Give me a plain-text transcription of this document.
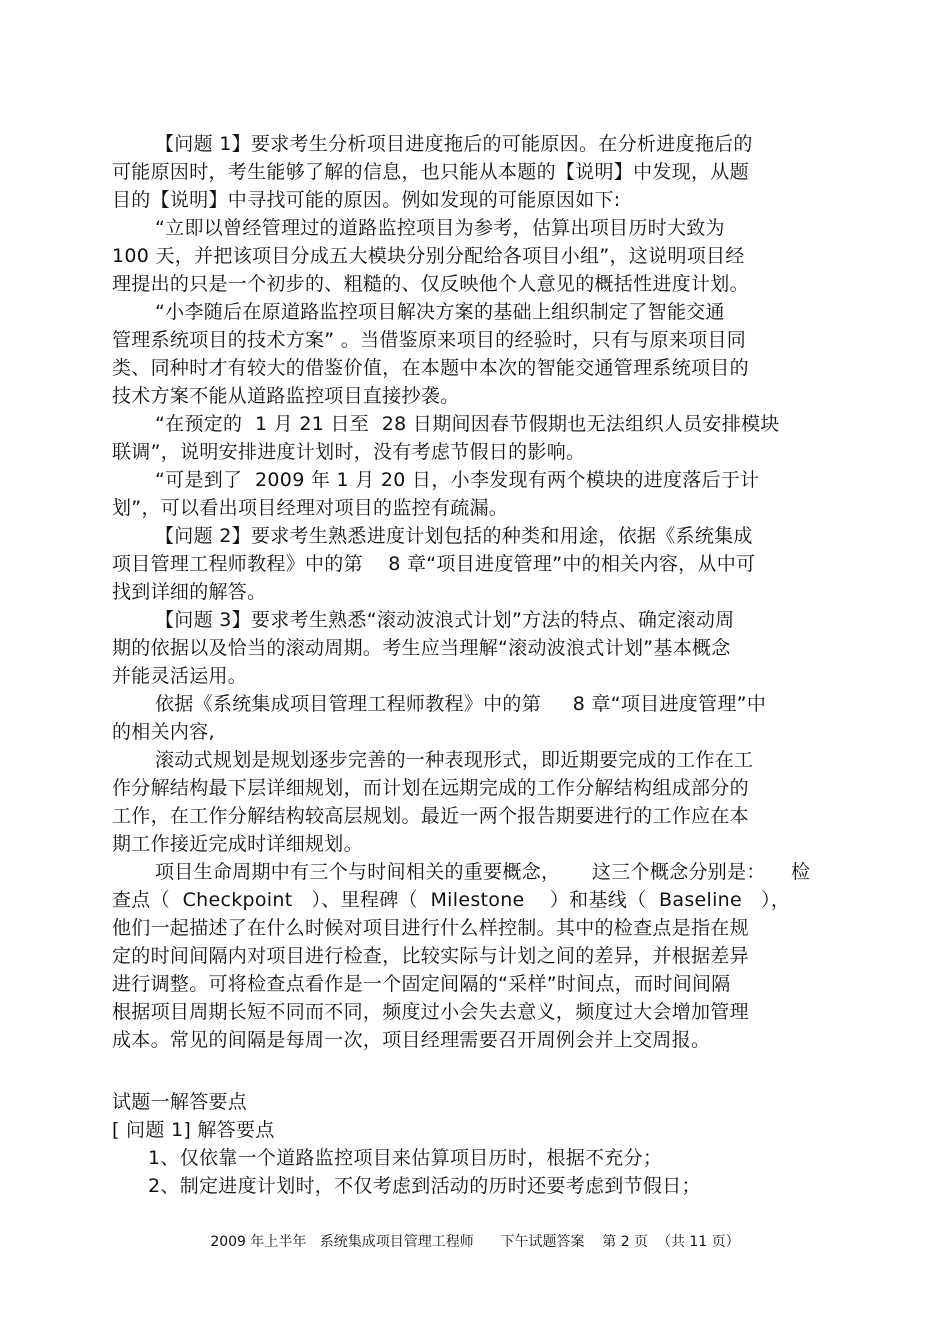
【问题 1】要求考生分析项目进度拖后的可能原因。在分析进度拖后的
可能原因时，考生能够了解的信息，也只能从本题的【说明】中发现，从题
目的【说明】中寻找可能的原因。例如发现的可能原因如下:
“立即以曾经管理过的道路监控项目为参考，估算出项目历时大致为
100 天，并把该项目分成五大模块分别分配给各项目小组”，这说明项目经
理提出的只是一个初步的、粗糙的、仅反映他个人意见的概括性进度计划。
“小李随后在原道路监控项目解决方案的基础上组织制定了智能交通
管理系统项目的技术方案” 。当借鉴原来项目的经验时，只有与原来项目同
类、同种时才有较大的借鉴价值，在本题中本次的智能交通管理系统项目的
技术方案不能从道路监控项目直接抄袭。
“在预定的  1 月 21 日至  28 日期间因春节假期也无法组织人员安排模块
联调”，说明安排进度计划时，没有考虑节假日的影响。
“可是到了  2009 年 1 月 20 日，小李发现有两个模块的进度落后于计
划”，可以看出项目经理对项目的监控有疏漏。
【问题 2】要求考生熟悉进度计划包括的种类和用途，依据《系统集成
项目管理工程师教程》中的第    8 章“项目进度管理”中的相关内容，从中可
找到详细的解答。
【问题 3】要求考生熟悉“滚动波浪式计划”方法的特点、确定滚动周
期的依据以及恰当的滚动周期。考生应当理解“滚动波浪式计划”基本概念
并能灵活运用。
依据《系统集成项目管理工程师教程》中的第     8 章“项目进度管理”中
的相关内容,
滚动式规划是规划逐步完善的一种表现形式，即近期要完成的工作在工
作分解结构最下层详细规划，而计划在远期完成的工作分解结构组成部分的
工作，在工作分解结构较高层规划。最近一两个报告期要进行的工作应在本
期工作接近完成时详细规划。
项目生命周期中有三个与时间相关的重要概念，     这三个概念分别是：    检
查点（  Checkpoint   ）、里程碑（  Milestone    ）和基线（  Baseline   ），
他们一起描述了在什么时候对项目进行什么样控制。其中的检查点是指在规
定的时间间隔内对项目进行检查，比较实际与计划之间的差异，并根据差异
进行调整。可将检查点看作是一个固定间隔的“采样”时间点，而时间间隔
根据项目周期长短不同而不同，频度过小会失去意义，频度过大会增加管理
成本。常见的间隔是每周一次，项目经理需要召开周例会并上交周报。
试题一解答要点
[ 问题 1] 解答要点
1、仅依靠一个道路监控项目来估算项目历时，根据不充分；
2、制定进度计划时，不仅考虑到活动的历时还要考虑到节假日；
2009 年上半年   系统集成项目管理工程师      下午试题答案    第 2 页  （共 11 页）
